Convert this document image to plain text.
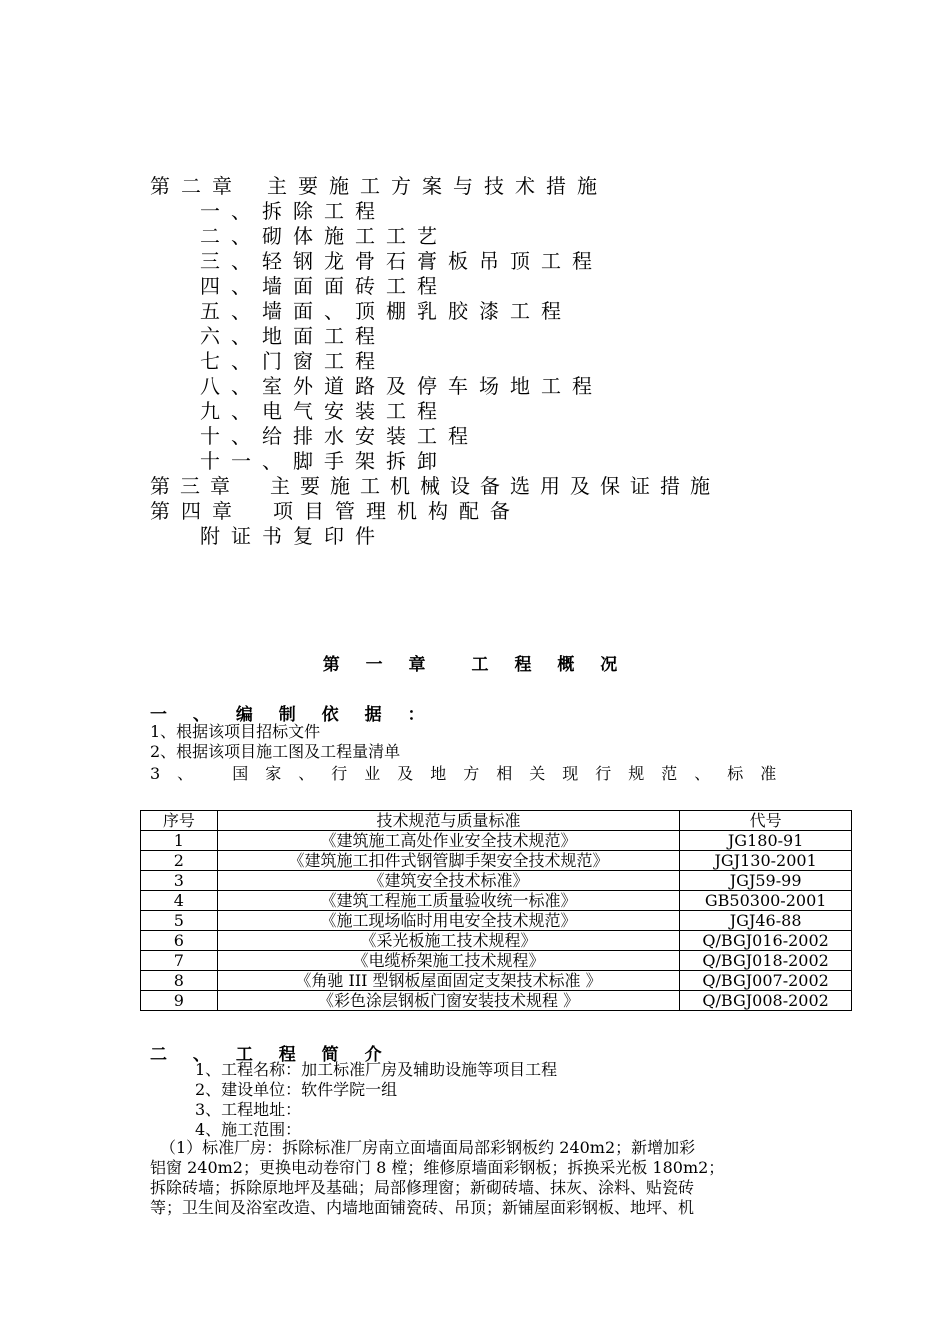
第二章 主要施工方案与技术措施
一、拆除工程
二、砌体施工工艺
三、轻钢龙骨石膏板吊顶工程
四、墙面面砖工程
五、墙面、顶棚乳胶漆工程
六、地面工程
七、门窗工程
八、室外道路及停车场地工程
九、电气安装工程
十、给排水安装工程
十一、脚手架拆卸
第三章 主要施工机械设备选用及保证措施
第四章 项目管理机构配备
附证书复印件
第 一 章 工 程 概 况
一 、 编 制 依 据 ：
1、根据该项目招标文件
2、根据该项目施工图及工程量清单
3、 国家、行业及地方相关现行规范、标准
序号	技术规范与质量标准	代号
1	《建筑施工高处作业安全技术规范》	JG180-91
2	《建筑施工扣件式钢管脚手架安全技术规范》	JGJ130-2001
3	《建筑安全技术标准》	JGJ59-99
4	《建筑工程施工质量验收统一标准》	GB50300-2001
5	《施工现场临时用电安全技术规范》	JGJ46-88
6	《采光板施工技术规程》	Q/BGJ016-2002
7	《电缆桥架施工技术规程》	Q/BGJ018-2002
8	《角驰 III 型钢板屋面固定支架技术标准 》	Q/BGJ007-2002
9	《彩色涂层钢板门窗安装技术规程 》	Q/BGJ008-2002
二 、 工 程 简 介
1、工程名称：加工标准厂房及辅助设施等项目工程
2、建设单位：软件学院一组
3、工程地址：
4、施工范围：
（1）标准厂房：拆除标准厂房南立面墙面局部彩钢板约 240m2；新增加彩
铝窗 240m2；更换电动卷帘门 8 樘；维修原墙面彩钢板；拆换采光板 180m2；
拆除砖墙；拆除原地坪及基础；局部修理窗；新砌砖墙、抹灰、涂料、贴瓷砖
等；卫生间及浴室改造、内墙地面铺瓷砖、吊顶；新铺屋面彩钢板、地坪、机
